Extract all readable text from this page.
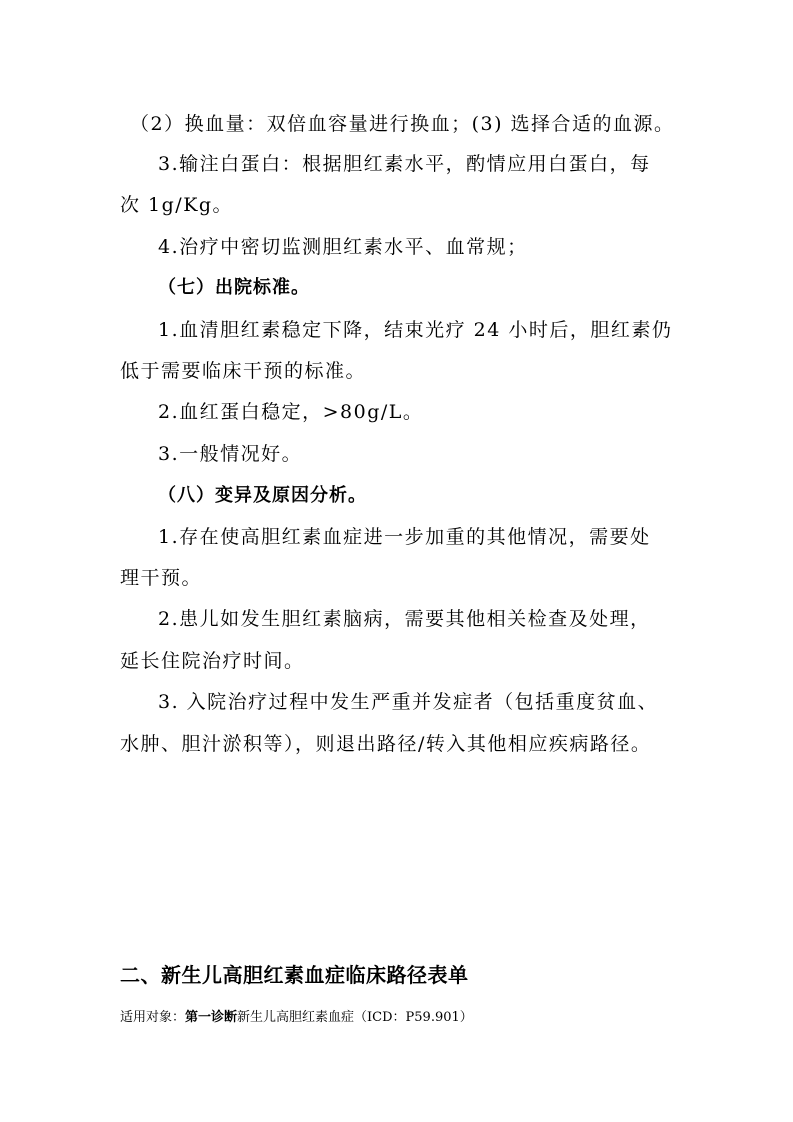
（2）换血量：双倍血容量进行换血；(3) 选择合适的血源。
3.输注白蛋白：根据胆红素水平，酌情应用白蛋白，每
次 1g/Kg。
4.治疗中密切监测胆红素水平、血常规；
（七）出院标准。
1.血清胆红素稳定下降，结束光疗 24 小时后，胆红素仍
低于需要临床干预的标准。
2.血红蛋白稳定，>80g/L。
3.一般情况好。
（八）变异及原因分析。
1.存在使高胆红素血症进一步加重的其他情况，需要处
理干预。
2.患儿如发生胆红素脑病，需要其他相关检查及处理，
延长住院治疗时间。
3. 入院治疗过程中发生严重并发症者（包括重度贫血、
水肿、胆汁淤积等），则退出路径/转入其他相应疾病路径。
二、新生儿高胆红素血症临床路径表单
适用对象：第一诊断新生儿高胆红素血症（ICD：P59.901）
